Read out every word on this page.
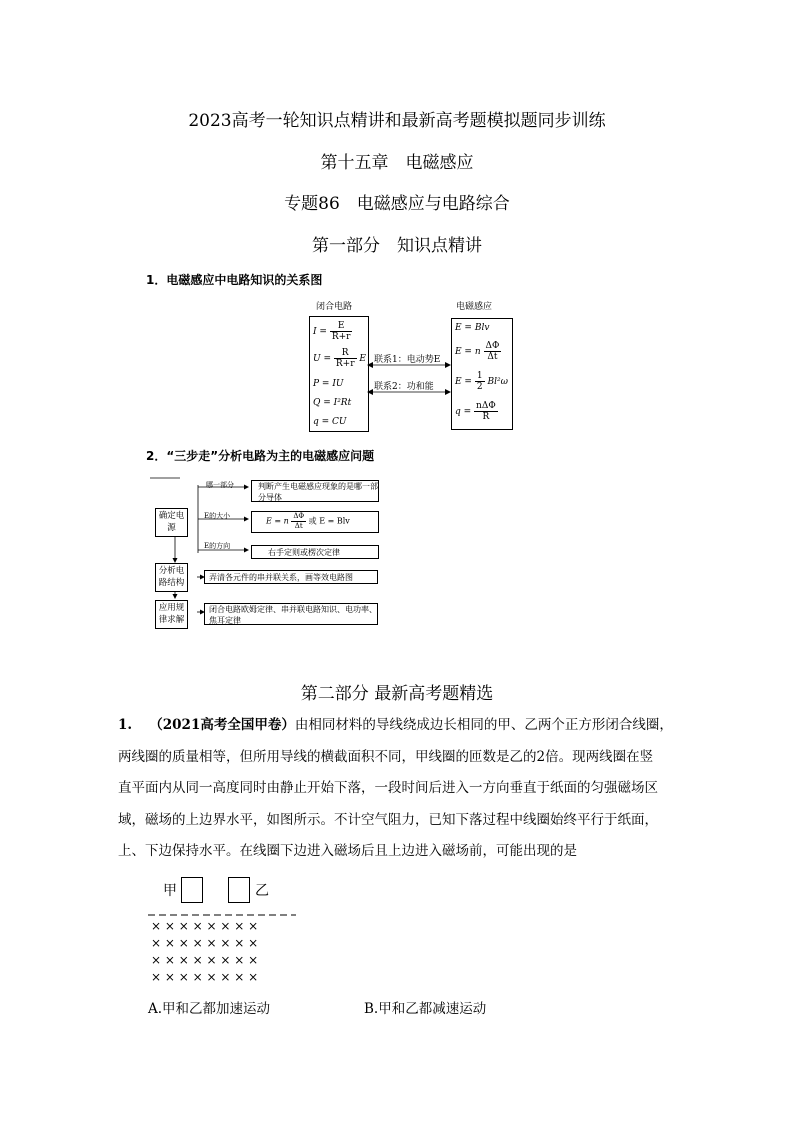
2023高考一轮知识点精讲和最新高考题模拟题同步训练
第十五章　电磁感应
专题86　电磁感应与电路综合
第一部分　知识点精讲
1．电磁感应中电路知识的关系图
闭合电路	电磁感应
$I = \frac{E}{R+r}$
$U = \frac{R}{R+r}$ E
P = IU
Q = I²Rt
q = CU
联系1：电动势E
联系2：功和能
E = Blv
E = n $\frac{\Delta\Phi}{\Delta t}$
$E = \frac{1}{2} Bl^2\omega$
$q = \frac{\text{nΔΦ}}{R}$
2．“三步走”分析电路为主的电磁感应问题
确定电源
分析电路结构
应用规律求解
哪一部分
E的大小
E的方向
判断产生电磁感应现象的是哪一部分导体
E = n $\frac{\Delta\Phi}{\Delta t}$ 或 E = Blv
右手定则或楞次定律
弄清各元件的串并联关系，画等效电路图
闭合电路欧姆定律、串并联电路知识、电功率、焦耳定律
第二部分 最新高考题精选
1. （2021高考全国甲卷）由相同材料的导线绕成边长相同的甲、乙两个正方形闭合线圈，
两线圈的质量相等，但所用导线的横截面积不同，甲线圈的匝数是乙的2倍。现两线圈在竖
直平面内从同一高度同时由静止开始下落，一段时间后进入一方向垂直于纸面的匀强磁场区
域，磁场的上边界水平，如图所示。不计空气阻力，已知下落过程中线圈始终平行于纸面，
上、下边保持水平。在线圈下边进入磁场后且上边进入磁场前，可能出现的是
甲	乙
× × × × × × × ×
× × × × × × × ×
× × × × × × × ×
× × × × × × × ×
A.甲和乙都加速运动	B.甲和乙都减速运动
